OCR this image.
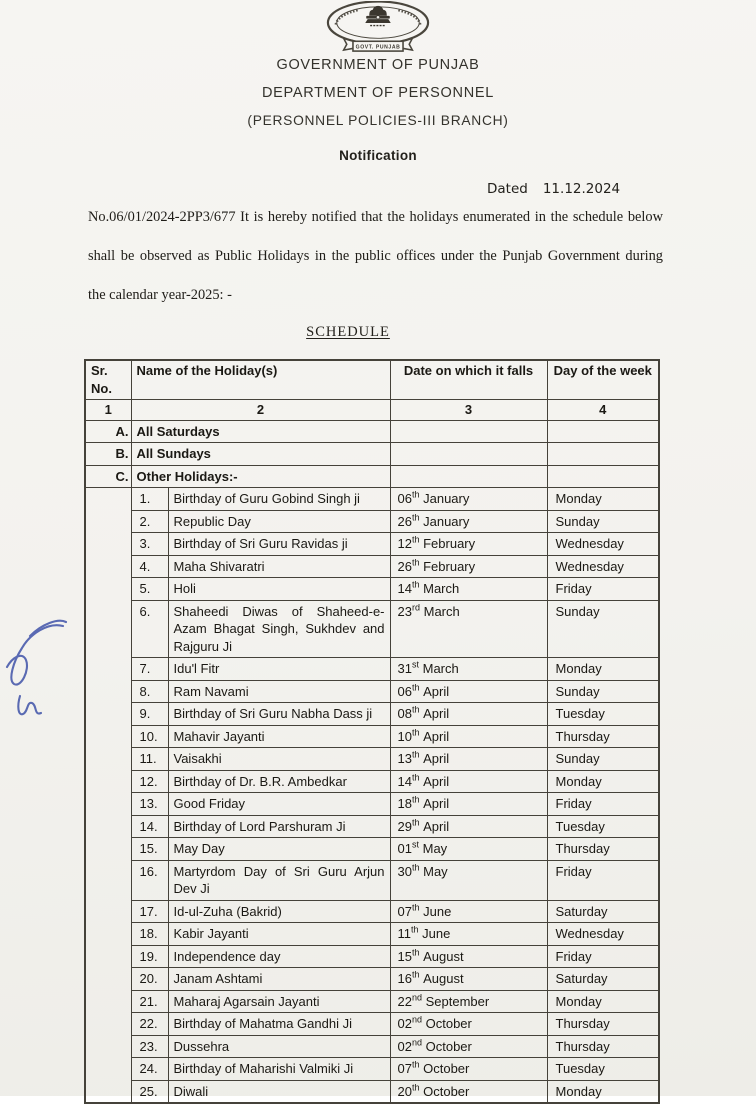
GOVT. PUNJAB
GOVERNMENT OF PUNJAB
DEPARTMENT OF PERSONNEL
(PERSONNEL POLICIES-III BRANCH)
Notification
Dated 11.12.2024
No.06/01/2024-2PP3/677 It is hereby notified that the holidays enumerated in the schedule below
shall be observed as Public Holidays in the public offices under the Punjab Government during
the calendar year-2025: -
SCHEDULE
Sr.
No.	Name of the Holiday(s)		Date on which it falls	Day of the week
1	2		3	4
A.	All Saturdays			
B.	All Sundays			
C.	Other Holidays:-			
	1.	Birthday of Guru Gobind Singh ji	06th January	Monday
	2.	Republic Day	26th January	Sunday
	3.	Birthday of Sri Guru Ravidas ji	12th February	Wednesday
	4.	Maha Shivaratri	26th February	Wednesday
	5.	Holi	14th March	Friday
	6.	Shaheedi Diwas of Shaheed-e-Azam Bhagat Singh, Sukhdev and Rajguru Ji	23rd March	Sunday
	7.	Idu'l Fitr	31st March	Monday
	8.	Ram Navami	06th April	Sunday
	9.	Birthday of Sri Guru Nabha Dass ji	08th April	Tuesday
	10.	Mahavir Jayanti	10th April	Thursday
	11.	Vaisakhi	13th April	Sunday
	12.	Birthday of Dr. B.R. Ambedkar	14th April	Monday
	13.	Good Friday	18th April	Friday
	14.	Birthday of Lord Parshuram Ji	29th April	Tuesday
	15.	May Day	01st May	Thursday
	16.	Martyrdom Day of Sri Guru Arjun Dev Ji	30th May	Friday
	17.	Id-ul-Zuha (Bakrid)	07th June	Saturday
	18.	Kabir Jayanti	11th June	Wednesday
	19.	Independence day	15th August	Friday
	20.	Janam Ashtami	16th August	Saturday
	21.	Maharaj Agarsain Jayanti	22nd September	Monday
	22.	Birthday of Mahatma Gandhi Ji	02nd October	Thursday
	23.	Dussehra	02nd October	Thursday
	24.	Birthday of Maharishi Valmiki Ji	07th October	Tuesday
	25.	Diwali	20th October	Monday
